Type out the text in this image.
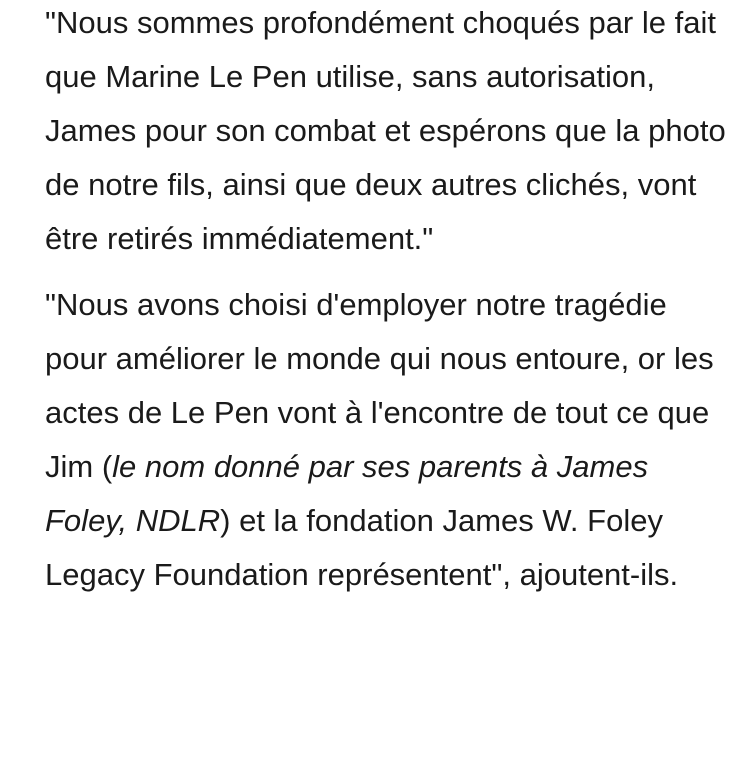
"Nous sommes profondément choqués par le fait que Marine Le Pen utilise, sans autorisation, James pour son combat et espérons que la photo de notre fils, ainsi que deux autres clichés, vont être retirés immédiatement."

"Nous avons choisi d'employer notre tragédie pour améliorer le monde qui nous entoure, or les actes de Le Pen vont à l'encontre de tout ce que Jim (le nom donné par ses parents à James Foley, NDLR) et la fondation James W. Foley Legacy Foundation représentent", ajoutent-ils.
